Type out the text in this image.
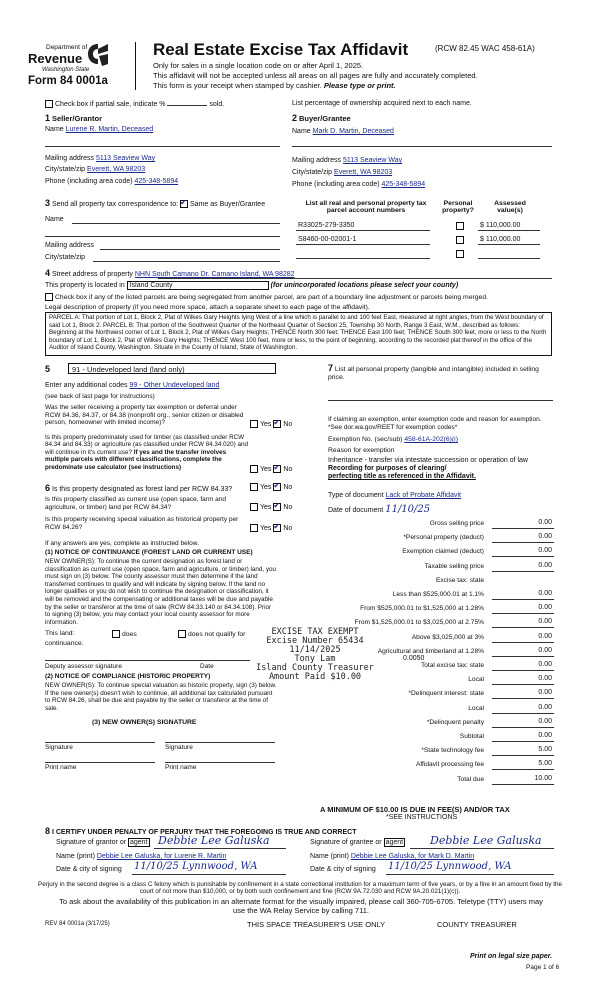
Department of
Revenue
Washington State
Form 84 0001a
Real Estate Excise Tax Affidavit	(RCW 82.45 WAC 458-61A)
Only for sales in a single location code on or after April 1, 2025.
This affidavit will not be accepted unless all areas on all pages are fully and accurately completed.
This form is your receipt when stamped by cashier. Please type or print.
Check box if partial sale, indicate %	sold.	List percentage of ownership acquired next to each name.
1 Seller/Grantor
Name Lurene R. Martin, Deceased
Mailing address 5113 Seaview Way
City/state/zip Everett, WA 98203
Phone (including area code) 425-348-5894
2 Buyer/Grantee
Name Mark D. Martin, Deceased
Mailing address 5113 Seaview Way
City/state/zip Everett, WA 98203
Phone (including area code) 425-348-5894
3 Send all property tax correspondence to: ✔ Same as Buyer/Grantee
Name
Mailing address
City/state/zip
List all real and personal property tax parcel account numbers
Personal property?
Assessed value(s)
R33025-279-3350	$ 110,000.00
S8460-00-02001-1	$ 110,000.00
4 Street address of property NHN South Camano Dr. Camano Island, WA 98282
This property is located in Island County	(for unincorporated locations please select your county)
Check box if any of the listed parcels are being segregated from another parcel, are part of a boundary line adjustment or parcels being merged.
Legal description of property (if you need more space, attach a separate sheet to each page of the affidavit).
PARCEL A: That portion of Lot 1, Block 2, Plat of Wilkes Gary Heights lying West of a line which is parallel to and 100 feet East, measured at right angles, from the West boundary of said Lot 1, Block 2. PARCEL B: That portion of the Southwest Quarter of the Northeast Quarter of Section 25, Township 30 North, Range 3 East, W.M., described as follows: Beginning at the Northwest corner of Lot 1, Block 2, Plat of Wilkes Gary Heights; THENCE North 300 feet; THENCE East 100 feet; THENCE South 300 feet, more or less to the North boundary of Lot 1, Block 2, Plat of Wilkes Gary Heights; THENCE West 100 feet, more or less, to the point of beginning, according to the recorded plat thereof in the office of the Auditor of Island County, Washington. Situate in the County of Island, State of Washington.
5	91 - Undeveloped land (land only)
Enter any additional codes 99 - Other Undeveloped land
(see back of last page for instructions)
Was the seller receiving a property tax exemption or deferral under RCW 84.36, 84.37, or 84.38 (nonprofit org., senior citizen or disabled person, homeowner with limited income)?	Yes ✔ No
Is this property predominately used for timber (as classified under RCW 84.34 and 84.33) or agriculture (as classified under RCW 84.34.020) and will continue in it's current use? If yes and the transfer involves multiple parcels with different classifications, complete the predominate use calculator (see instructions)	Yes ✔ No
6 Is this property designated as forest land per RCW 84.33?	Yes ✔ No
Is this property classified as current use (open space, farm and agriculture, or timber) land per RCW 84.34?	Yes ✔ No
Is this property receiving special valuation as historical property per RCW 84.26?	Yes ✔ No
If any answers are yes, complete as instructed below.
(1) NOTICE OF CONTINUANCE (FOREST LAND OR CURRENT USE)
NEW OWNER(S): To continue the current designation as forest land or classification as current use (open space, farm and agriculture, or timber) land, you must sign on (3) below. The county assessor must then determine if the land transferred continues to qualify and will indicate by signing below. If the land no longer qualifies or you do not wish to continue the designation or classification, it will be removed and the compensating or additional taxes will be due and payable by the seller or transferor at the time of sale (RCW 84.33.140 or 84.34.108). Prior to signing (3) below, you may contact your local county assessor for more information.
This land:
continuance.
does	does not qualify for
Deputy assessor signature	Date
(2) NOTICE OF COMPLIANCE (HISTORIC PROPERTY)
NEW OWNER(S): To continue special valuation as historic property, sign (3) below. If the new owner(s) doesn't wish to continue, all additional tax calculated pursuant to RCW 84.26, shall be due and payable by the seller or transferor at the time of sale.
(3) NEW OWNER(S) SIGNATURE
Signature	Signature
Print name	Print name
EXCISE TAX EXEMPT
Excise Number 65434
11/14/2025
Tony Lam
Island County Treasurer
Amount Paid $10.00
7 List all personal property (tangible and intangible) included in selling price.
If claiming an exemption, enter exemption code and reason for exemption. *See dor.wa.gov/REET for exemption codes*
Exemption No. (sec/sub) 458-61A-202(6)(i)
Reason for exemption
Inheritance - transfer via intestate succession or operation of law
Recording for purposes of clearing/
perfecting title as referenced in the Affidavit.
Type of document Lack of Probate Affidavit
Date of document 11/10/25
Gross selling price	0.00
*Personal property (deduct)	0.00
Exemption claimed (deduct)	0.00
Taxable selling price	0.00
Excise tax: state
Less than $525,000.01 at 1.1%	0.00
From $525,000.01 to $1,525,000 at 1.28%	0.00
From $1,525,000.01 to $3,025,000 at 2.75%	0.00
Above $3,025,000 at 3%	0.00
Agricultural and timberland at 1.28%	0.00
Total excise tax: state	0.00
Local	0.00
*Delinquent interest: state	0.00
Local	0.00
*Delinquent penalty	0.00
Subtotal	0.00
*State technology fee	5.00
Affidavit processing fee	5.00
Total due	10.00
0.0050
A MINIMUM OF $10.00 IS DUE IN FEE(S) AND/OR TAX
*SEE INSTRUCTIONS
8 I CERTIFY UNDER PENALTY OF PERJURY THAT THE FOREGOING IS TRUE AND CORRECT
Signature of grantor or agent Debbie Lee Galuska
Name (print) Debbie Lee Galuska, for Lurene R. Martin
Date & city of signing 11/10/25 Lynnwood, WA
Signature of grantee or agent Debbie Lee Galuska
Name (print) Debbie Lee Galuska, for Mark D. Martin
Date & city of signing 11/10/25 Lynnwood, WA
Perjury in the second degree is a class C felony which is punishable by confinement in a state correctional institution for a maximum term of five years, or by a fine in an amount fixed by the court of not more than $10,000, or by both such confinement and fine (RCW 9A.72.030 and RCW 9A.20.021(1)(c)).
To ask about the availability of this publication in an alternate format for the visually impaired, please call 360-705-6705. Teletype (TTY) users may use the WA Relay Service by calling 711.
REV 84 0001a (3/17/25)	THIS SPACE TREASURER'S USE ONLY	COUNTY TREASURER
Print on legal size paper.
Page 1 of 6
